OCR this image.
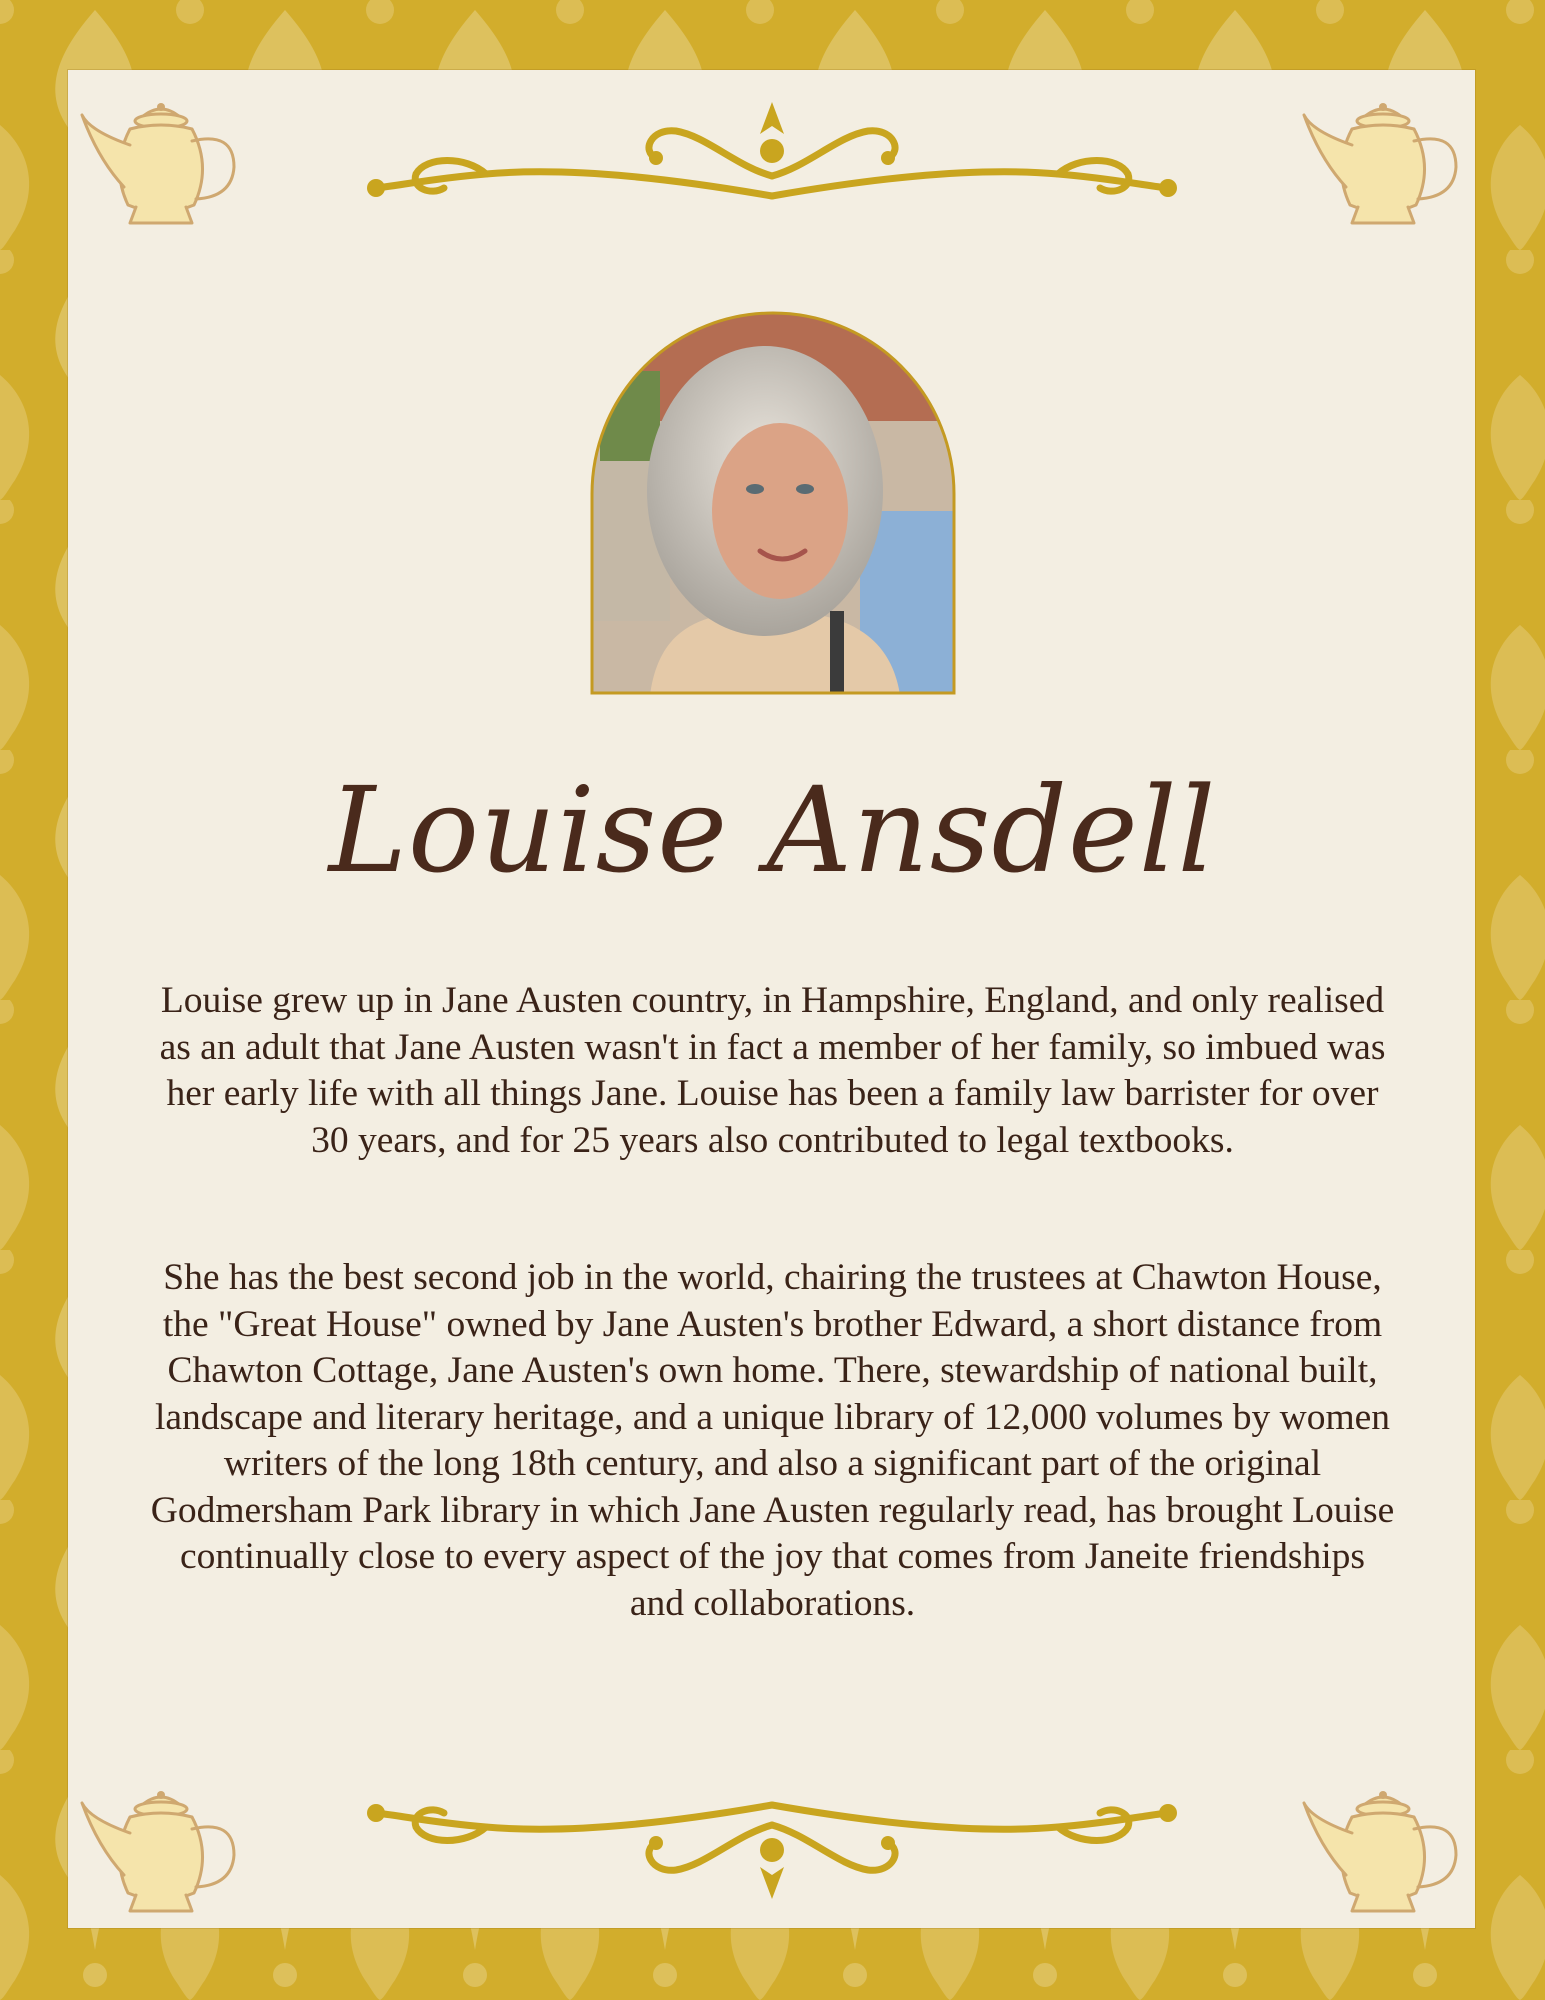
Louise Ansdell

Louise grew up in Jane Austen country, in Hampshire, England, and only realised as an adult that Jane Austen wasn't in fact a member of her family, so imbued was her early life with all things Jane. Louise has been a family law barrister for over 30 years, and for 25 years also contributed to legal textbooks.

She has the best second job in the world, chairing the trustees at Chawton House, the "Great House" owned by Jane Austen's brother Edward, a short distance from Chawton Cottage, Jane Austen's own home. There, stewardship of national built, landscape and literary heritage, and a unique library of 12,000 volumes by women writers of the long 18th century, and also a significant part of the original Godmersham Park library in which Jane Austen regularly read, has brought Louise continually close to every aspect of the joy that comes from Janeite friendships and collaborations.
